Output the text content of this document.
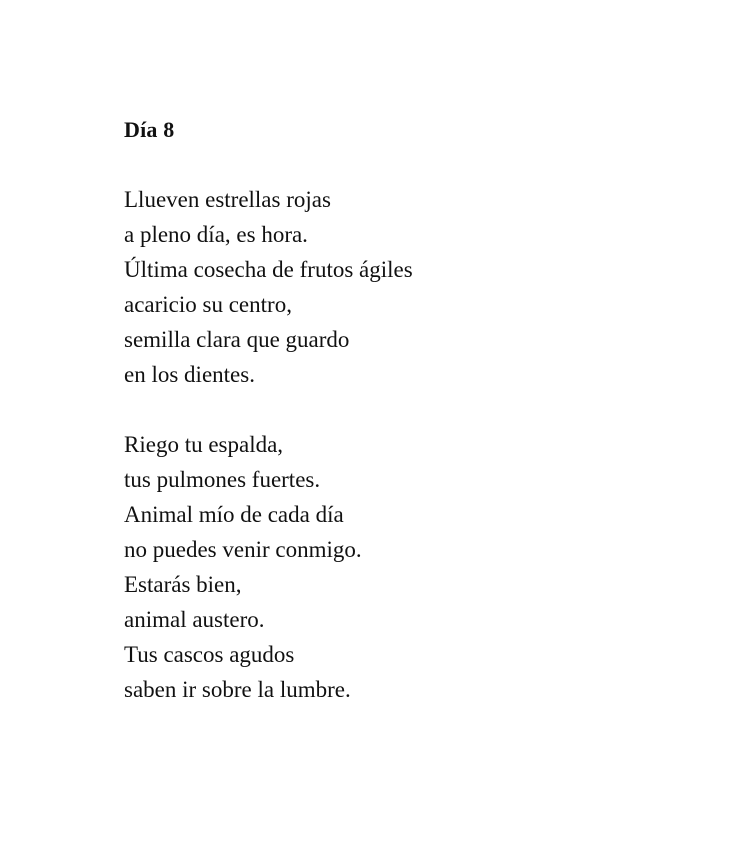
Día 8
Llueven estrellas rojas
a pleno día, es hora.
Última cosecha de frutos ágiles
acaricio su centro,
semilla clara que guardo
en los dientes.
Riego tu espalda,
tus pulmones fuertes.
Animal mío de cada día
no puedes venir conmigo.
Estarás bien,
animal austero.
Tus cascos agudos
saben ir sobre la lumbre.
